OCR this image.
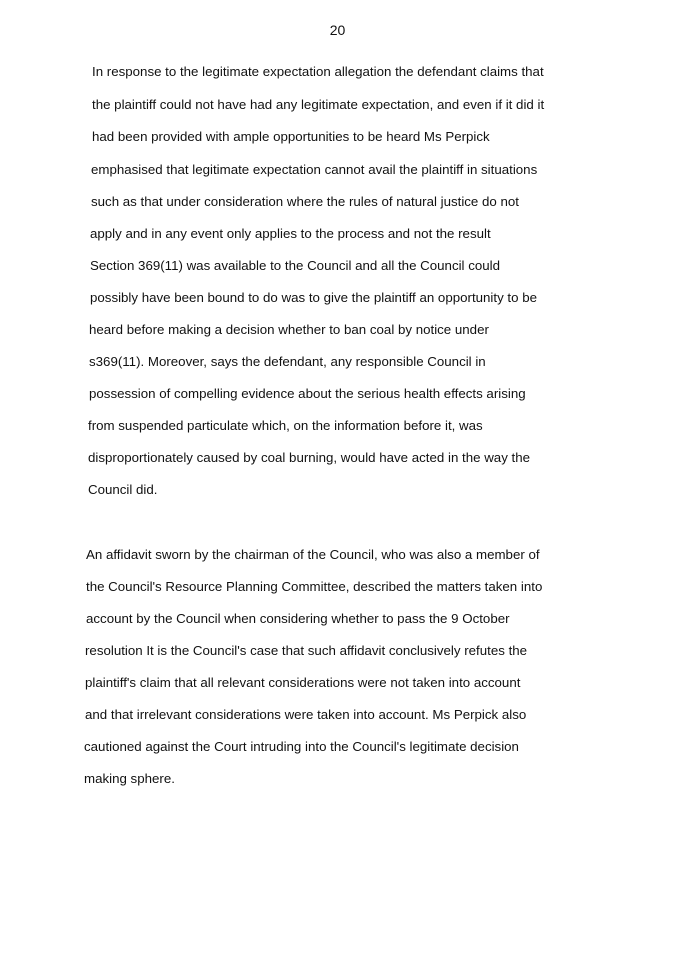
20
In response to the legitimate expectation allegation the defendant claims that
the plaintiff could not have had any legitimate expectation, and even if it did it
had been provided with ample opportunities to be heard Ms Perpick
emphasised that legitimate expectation cannot avail the plaintiff in situations
such as that under consideration where the rules of natural justice do not
apply and in any event only applies to the process and not the result
Section 369(11) was available to the Council and all the Council could
possibly have been bound to do was to give the plaintiff an opportunity to be
heard before making a decision whether to ban coal by notice under
s369(11). Moreover, says the defendant, any responsible Council in
possession of compelling evidence about the serious health effects arising
from suspended particulate which, on the information before it, was
disproportionately caused by coal burning, would have acted in the way the
Council did.
An affidavit sworn by the chairman of the Council, who was also a member of
the Council's Resource Planning Committee, described the matters taken into
account by the Council when considering whether to pass the 9 October
resolution It is the Council's case that such affidavit conclusively refutes the
plaintiff's claim that all relevant considerations were not taken into account
and that irrelevant considerations were taken into account. Ms Perpick also
cautioned against the Court intruding into the Council's legitimate decision
making sphere.
